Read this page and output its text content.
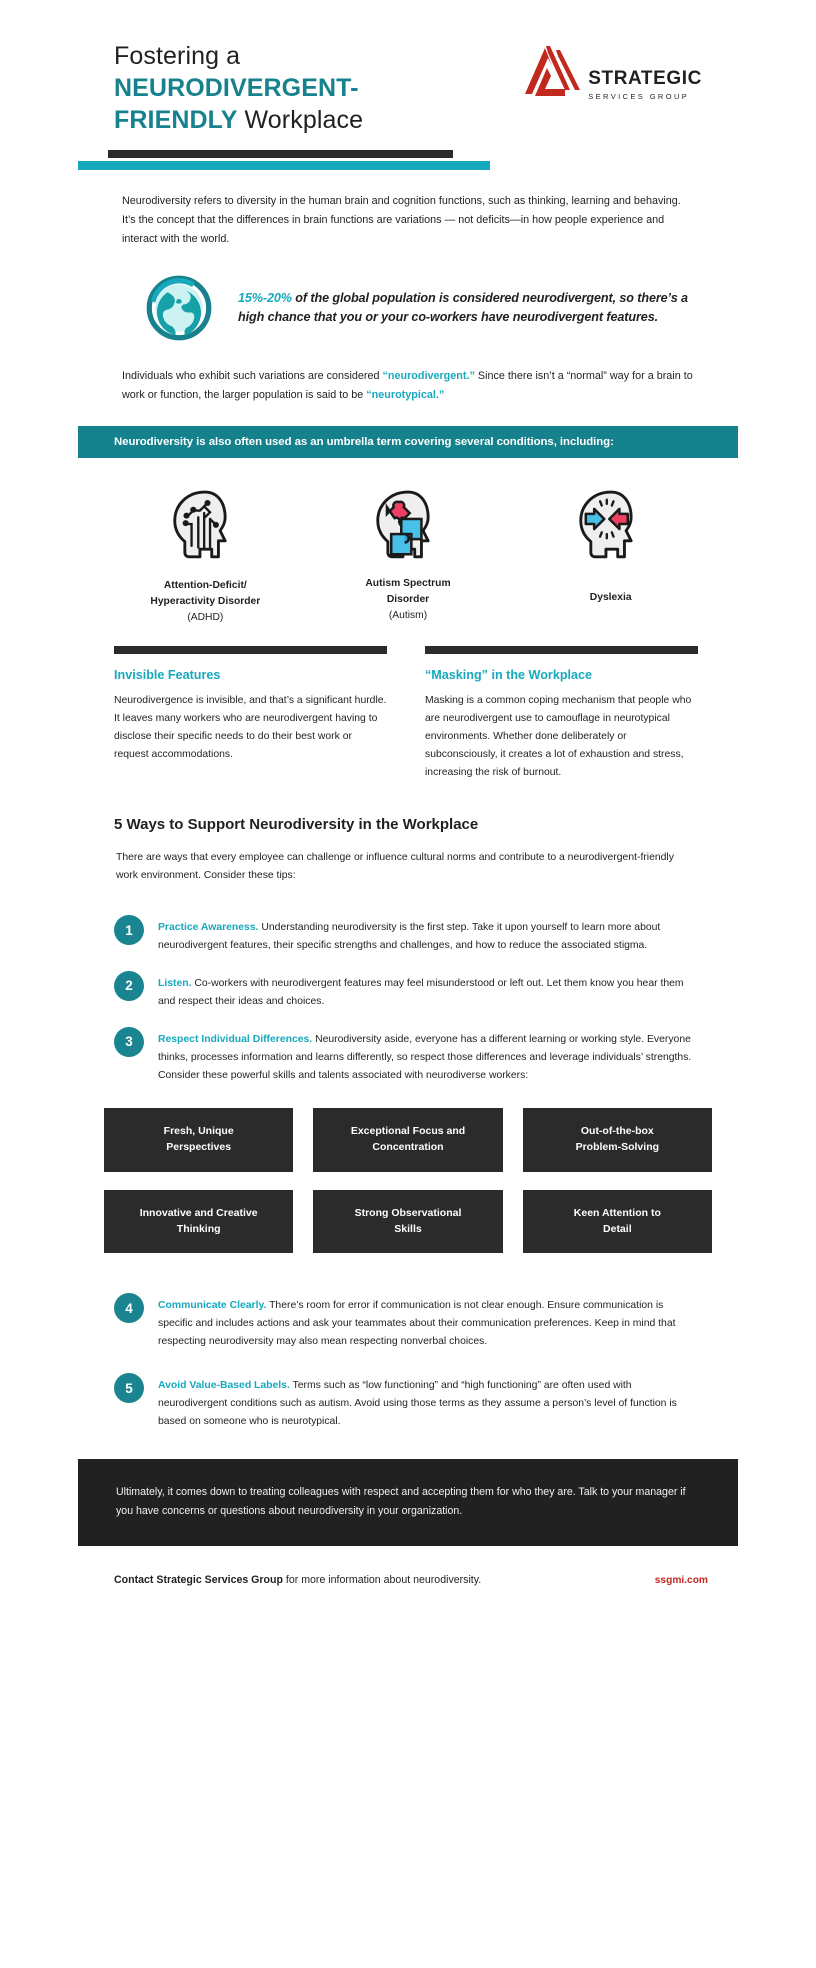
Fostering a
NEURODIVERGENT-
FRIENDLY Workplace
STRATEGIC
SERVICES GROUP
Neurodiversity refers to diversity in the human brain and cognition functions, such as thinking, learning and behaving. It’s the concept that the differences in brain functions are variations — not deficits—in how people experience and interact with the world.
15%-20% of the global population is considered neurodivergent, so there’s a high chance that you or your co-workers have neurodivergent features.
Individuals who exhibit such variations are considered “neurodivergent.” Since there isn’t a “normal” way for a brain to work or function, the larger population is said to be “neurotypical.”
Neurodiversity is also often used as an umbrella term covering several conditions, including:
Attention-Deficit/
Hyperactivity Disorder
(ADHD)
Autism Spectrum
Disorder
(Autism)
Dyslexia
Invisible Features
Neurodivergence is invisible, and that’s a significant hurdle. It leaves many workers who are neurodivergent having to disclose their specific needs to do their best work or request accommodations.
“Masking” in the Workplace
Masking is a common coping mechanism that people who are neurodivergent use to camouflage in neurotypical environments. Whether done deliberately or subconsciously, it creates a lot of exhaustion and stress, increasing the risk of burnout.
5 Ways to Support Neurodiversity in the Workplace
There are ways that every employee can challenge or influence cultural norms and contribute to a neurodivergent-friendly work environment. Consider these tips:
1	Practice Awareness. Understanding neurodiversity is the first step. Take it upon yourself to learn more about neurodivergent features, their specific strengths and challenges, and how to reduce the associated stigma.
2	Listen. Co-workers with neurodivergent features may feel misunderstood or left out. Let them know you hear them and respect their ideas and choices.
3	Respect Individual Differences. Neurodiversity aside, everyone has a different learning or working style. Everyone thinks, processes information and learns differently, so respect those differences and leverage individuals’ strengths. Consider these powerful skills and talents associated with neurodiverse workers:
Fresh, Unique
Perspectives
Exceptional Focus and
Concentration
Out-of-the-box
Problem-Solving
Innovative and Creative
Thinking
Strong Observational
Skills
Keen Attention to
Detail
4	Communicate Clearly. There’s room for error if communication is not clear enough. Ensure communication is specific and includes actions and ask your teammates about their communication preferences. Keep in mind that respecting neurodiversity may also mean respecting nonverbal choices.
5	Avoid Value-Based Labels. Terms such as “low functioning” and “high functioning” are often used with neurodivergent conditions such as autism. Avoid using those terms as they assume a person’s level of function is based on someone who is neurotypical.
Ultimately, it comes down to treating colleagues with respect and accepting them for who they are. Talk to your manager if you have concerns or questions about neurodiversity in your organization.
Contact Strategic Services Group for more information about neurodiversity.	ssgmi.com
